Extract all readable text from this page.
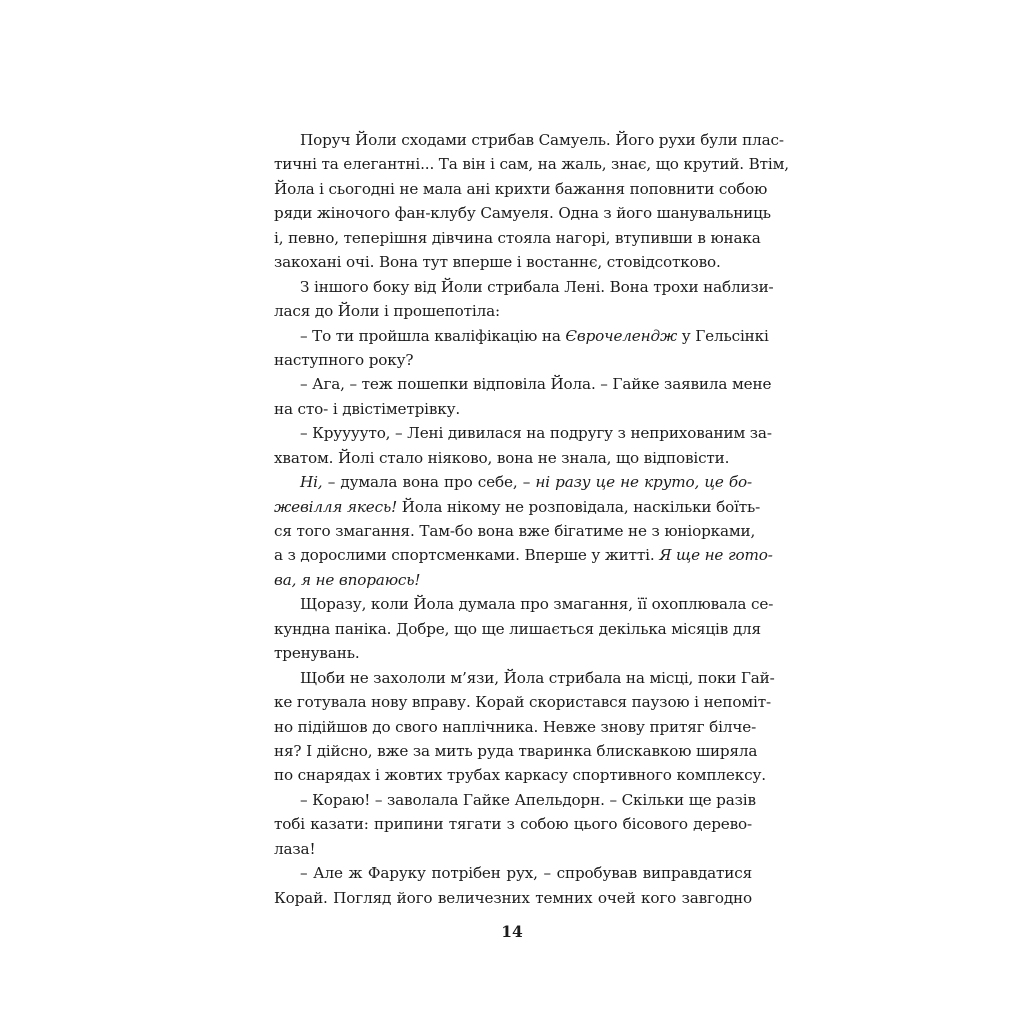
Поруч Йоли сходами стрибав Самуель. Його рухи були плас-
тичні та елегантні... Та він і сам, на жаль, знає, що крутий. Втім,
Йола і сьогодні не мала ані крихти бажання поповнити собою
ряди жіночого фан-клубу Самуеля. Одна з його шанувальниць
і, певно, теперішня дівчина стояла нагорі, втупивши в юнака
закохані очі. Вона тут вперше і востаннє, стовідсотково.
З іншого боку від Йоли стрибала Лені. Вона трохи наблизи-
лася до Йоли і прошепотіла:
– То ти пройшла кваліфікацію на Єврочелендж у Гельсінкі
наступного року?
– Ага, – теж пошепки відповіла Йола. – Гайке заявила мене
на сто- і двістіметрівку.
– Крууууто, – Лені дивилася на подругу з неприхованим за-
хватом. Йолі стало ніяково, вона не знала, що відповісти.
Ні, – думала вона про себе, – ні разу це не круто, це бо-
жевілля якесь! Йола нікому не розповідала, наскільки боїть-
ся того змагання. Там-бо вона вже бігатиме не з юніорками,
а з дорослими спортсменками. Вперше у житті. Я ще не гото-
ва, я не впораюсь!
Щоразу, коли Йола думала про змагання, її охоплювала се-
кундна паніка. Добре, що ще лишається декілька місяців для
тренувань.
Щоби не захололи м’язи, Йола стрибала на місці, поки Гай-
ке готувала нову вправу. Корай скористався паузою і непоміт-
но підійшов до свого наплічника. Невже знову притяг білче-
ня? І дійсно, вже за мить руда тваринка блискавкою ширяла
по снарядах і жовтих трубах каркасу спортивного комплексу.
– Кораю! – заволала Гайке Апельдорн. – Скільки ще разів
тобі казати: припини тягати з собою цього бісового дерево-
лаза!
– Але ж Фаруку потрібен рух, – спробував виправдатися
Корай. Погляд його величезних темних очей кого завгодно
14
